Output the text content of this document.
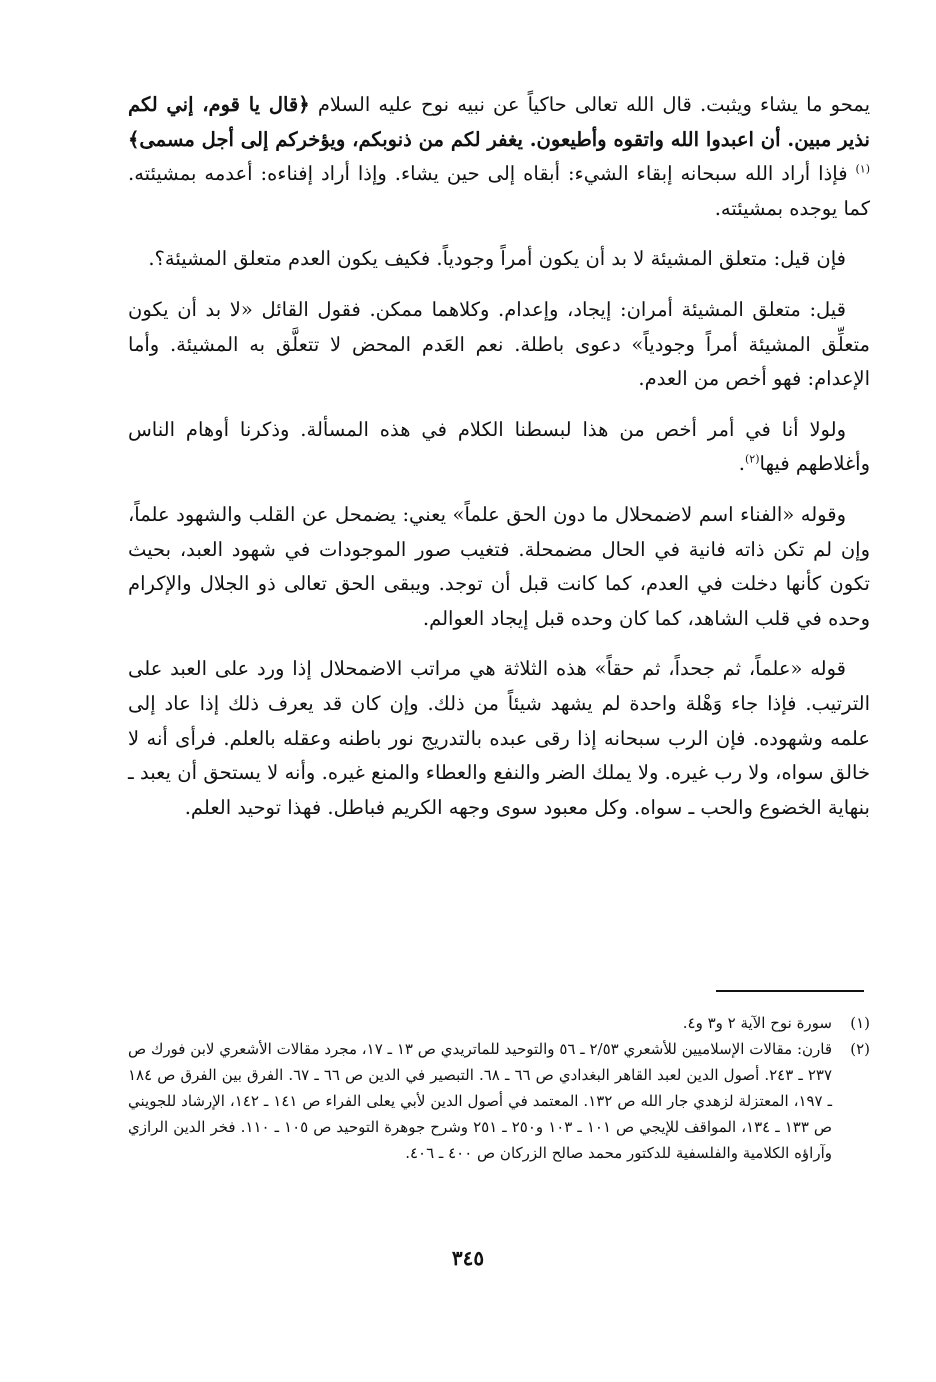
يمحو ما يشاء ويثبت. قال الله تعالى حاكياً عن نبيه نوح عليه السلام ﴿قال يا قوم، إني لكم نذير مبين. أن اعبدوا الله واتقوه وأطيعون. يغفر لكم من ذنوبكم، ويؤخركم إلى أجل مسمى﴾$^{(١)}$ فإذا أراد الله سبحانه إبقاء الشيء: أبقاه إلى حين يشاء. وإذا أراد إفناءه: أعدمه بمشيئته. كما يوجده بمشيئته.

فإن قيل: متعلق المشيئة لا بد أن يكون أمراً وجودياً. فكيف يكون العدم متعلق المشيئة؟.

قيل: متعلق المشيئة أمران: إيجاد، وإعدام. وكلاهما ممكن. فقول القائل «لا بد أن يكون متعلِّق المشيئة أمراً وجودياً» دعوى باطلة. نعم العَدم المحض لا تتعلَّق به المشيئة. وأما الإعدام: فهو أخص من العدم.

ولولا أنا في أمر أخص من هذا لبسطنا الكلام في هذه المسألة. وذكرنا أوهام الناس وأغلاطهم فيها$^{(٢)}$.

وقوله «الفناء اسم لاضمحلال ما دون الحق علماً» يعني: يضمحل عن القلب والشهود علماً، وإن لم تكن ذاته فانية في الحال مضمحلة. فتغيب صور الموجودات في شهود العبد، بحيث تكون كأنها دخلت في العدم، كما كانت قبل أن توجد. ويبقى الحق تعالى ذو الجلال والإكرام وحده في قلب الشاهد، كما كان وحده قبل إيجاد العوالم.

قوله «علماً، ثم جحداً، ثم حقاً» هذه الثلاثة هي مراتب الاضمحلال إذا ورد على العبد على الترتيب. فإذا جاء وَهْلة واحدة لم يشهد شيئاً من ذلك. وإن كان قد يعرف ذلك إذا عاد إلى علمه وشهوده. فإن الرب سبحانه إذا رقى عبده بالتدريج نور باطنه وعقله بالعلم. فرأى أنه لا خالق سواه، ولا رب غيره. ولا يملك الضر والنفع والعطاء والمنع غيره. وأنه لا يستحق أن يعبد ـ بنهاية الخضوع والحب ـ سواه. وكل معبود سوى وجهه الكريم فباطل. فهذا توحيد العلم.

(١)
سورة نوح الآية ٢ و٣ و٤.
(٢)
قارن: مقالات الإسلاميين للأشعري ٢/٥٣ ـ ٥٦ والتوحيد للماتريدي ص ١٣ ـ ١٧، مجرد مقالات الأشعري لابن فورك ص ٢٣٧ ـ ٢٤٣. أصول الدين لعبد القاهر البغدادي ص ٦٦ ـ ٦٨. التبصير في الدين ص ٦٦ ـ ٦٧. الفرق بين الفرق ص ١٨٤ ـ ١٩٧، المعتزلة لزهدي جار الله ص ١٣٢. المعتمد في أصول الدين لأبي يعلى الفراء ص ١٤١ ـ ١٤٢، الإرشاد للجويني ص ١٣٣ ـ ١٣٤، المواقف للإيجي ص ١٠١ ـ ١٠٣ و٢٥٠ ـ ٢٥١ وشرح جوهرة التوحيد ص ١٠٥ ـ ١١٠. فخر الدين الرازي وآراؤه الكلامية والفلسفية للدكتور محمد صالح الزركان ص ٤٠٠ ـ ٤٠٦.
٣٤٥
